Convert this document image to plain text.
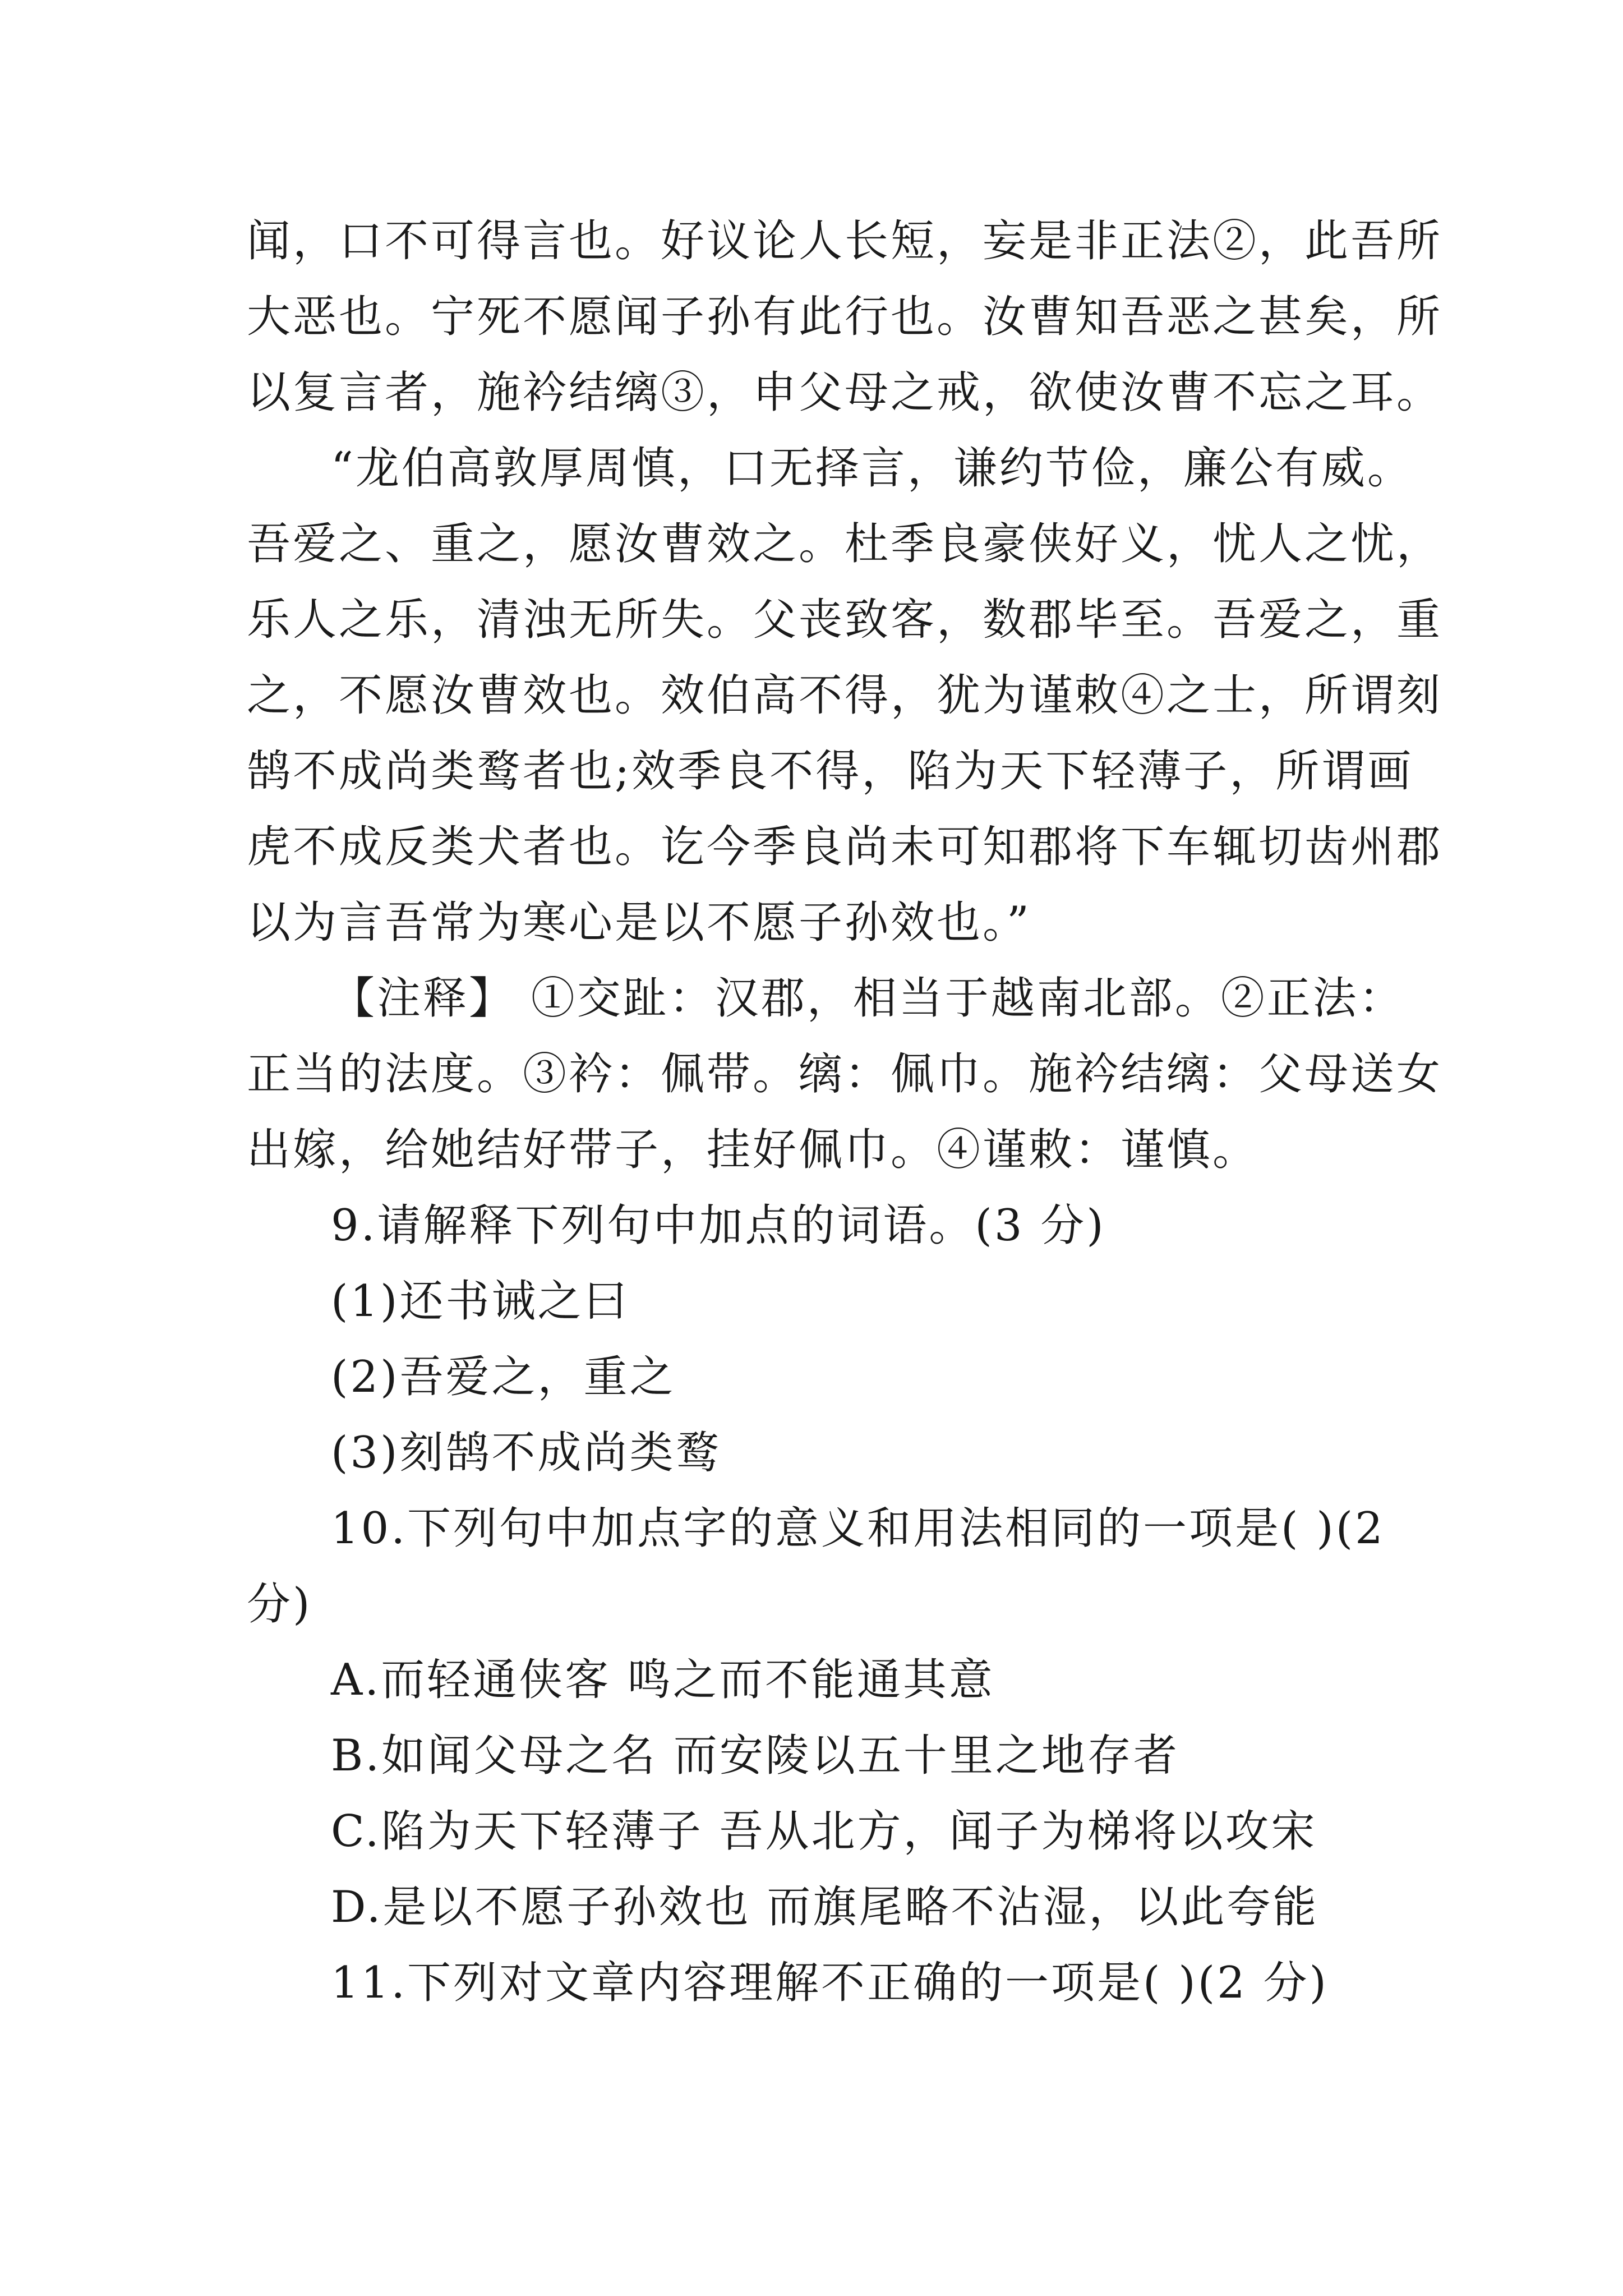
闻，口不可得言也。好议论人长短，妄是非正法②，此吾所
大恶也。宁死不愿闻子孙有此行也。汝曹知吾恶之甚矣，所
以复言者，施衿结缡③，申父母之戒，欲使汝曹不忘之耳。
“龙伯高敦厚周慎，口无择言，谦约节俭，廉公有威。
吾爱之、重之，愿汝曹效之。杜季良豪侠好义，忧人之忧，
乐人之乐，清浊无所失。父丧致客，数郡毕至。吾爱之，重
之，不愿汝曹效也。效伯高不得，犹为谨敕④之士，所谓刻
鹄不成尚类鹜者也;效季良不得，陷为天下轻薄子，所谓画
虎不成反类犬者也。讫今季良尚未可知郡将下车辄切齿州郡
以为言吾常为寒心是以不愿子孙效也。”
【注释】 ①交趾：汉郡，相当于越南北部。②正法：
正当的法度。③衿：佩带。缡：佩巾。施衿结缡：父母送女
出嫁，给她结好带子，挂好佩巾。④谨敕：谨慎。
9.请解释下列句中加点的词语。(3 分)
(1)还书诫之曰
(2)吾爱之，重之
(3)刻鹄不成尚类鹜
10.下列句中加点字的意义和用法相同的一项是( )(2
分)
A.而轻通侠客 鸣之而不能通其意
B.如闻父母之名 而安陵以五十里之地存者
C.陷为天下轻薄子 吾从北方，闻子为梯将以攻宋
D.是以不愿子孙效也 而旗尾略不沾湿，以此夸能
11.下列对文章内容理解不正确的一项是( )(2 分)
